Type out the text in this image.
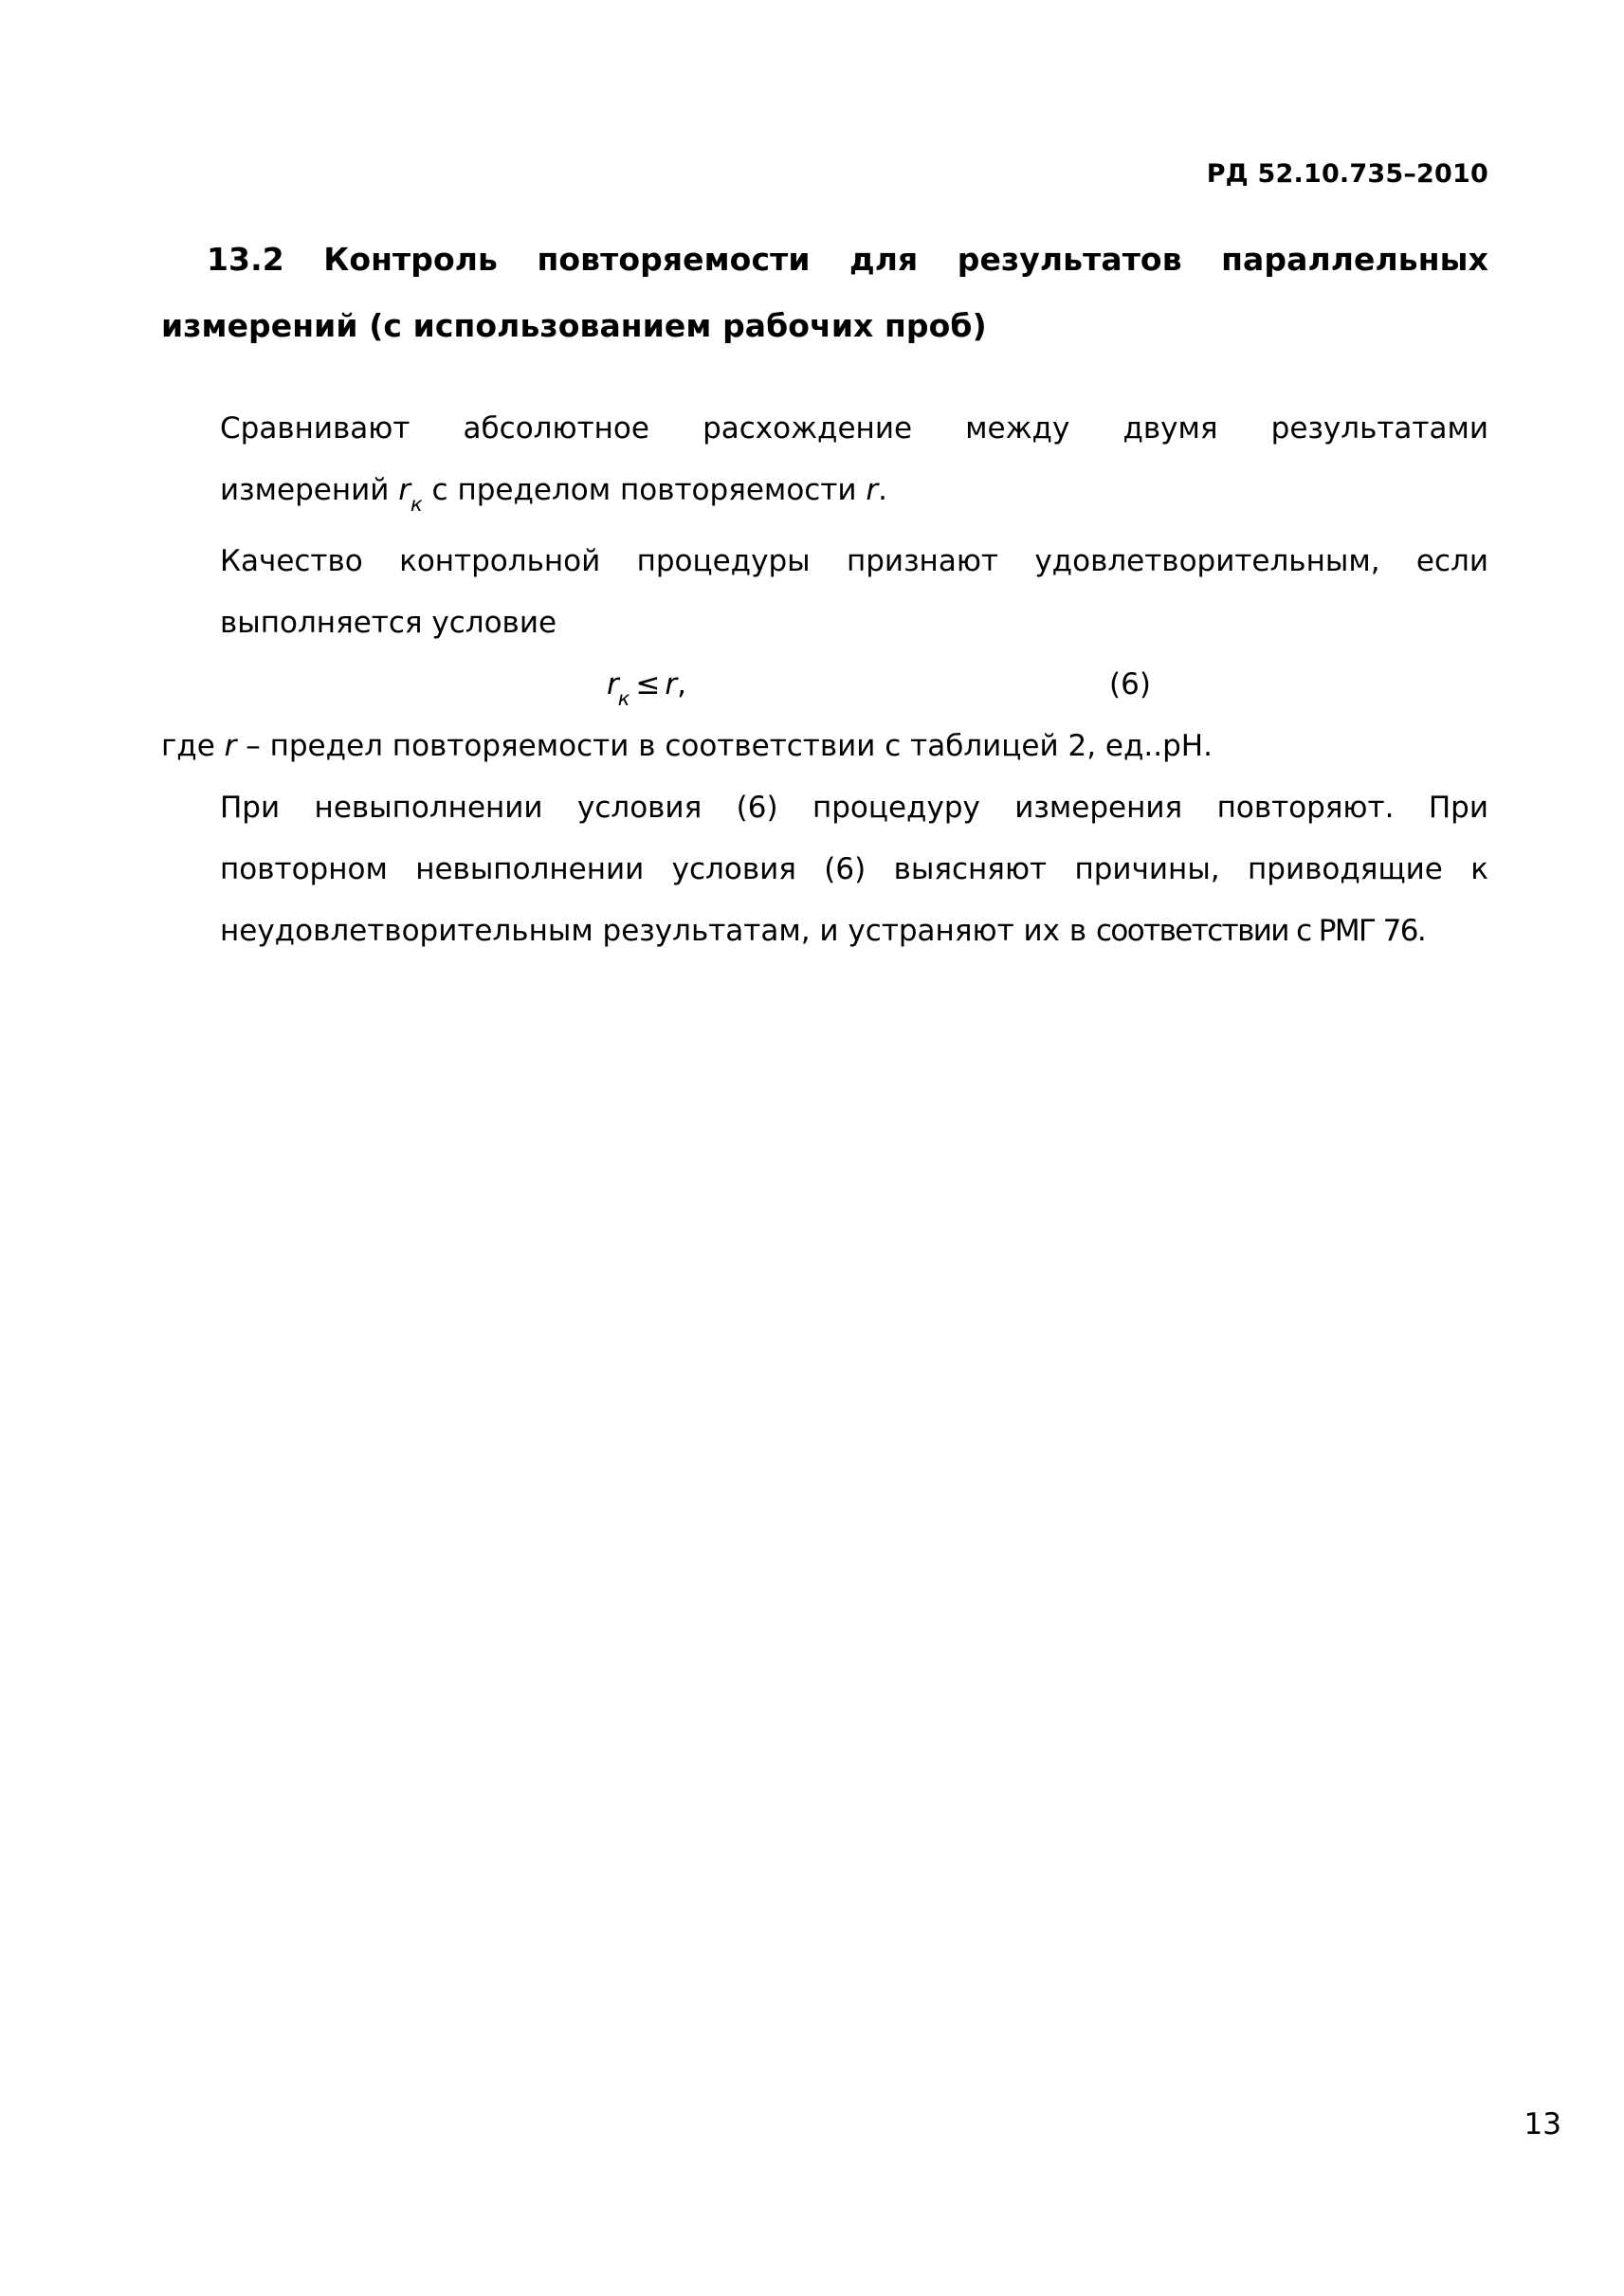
РД 52.10.735–2010
13.2 Контроль повторяемости для результатов параллельных
измерений (с использованием рабочих проб)

Сравнивают абсолютное расхождение между двумя результатами
измерений $r_к$ с пределом повторяемости r.

Качество контрольной процедуры признают удовлетворительным, если
выполняется условие

$r_к \le r$,	(6)

где r – предел повторяемости в соответствии с таблицей 2, ед..рН.

При невыполнении условия (6) процедуру измерения повторяют. При
повторном невыполнении условия (6) выясняют причины, приводящие к
неудовлетворительным результатам, и устраняют их в соответствии с РМГ 76.

13
